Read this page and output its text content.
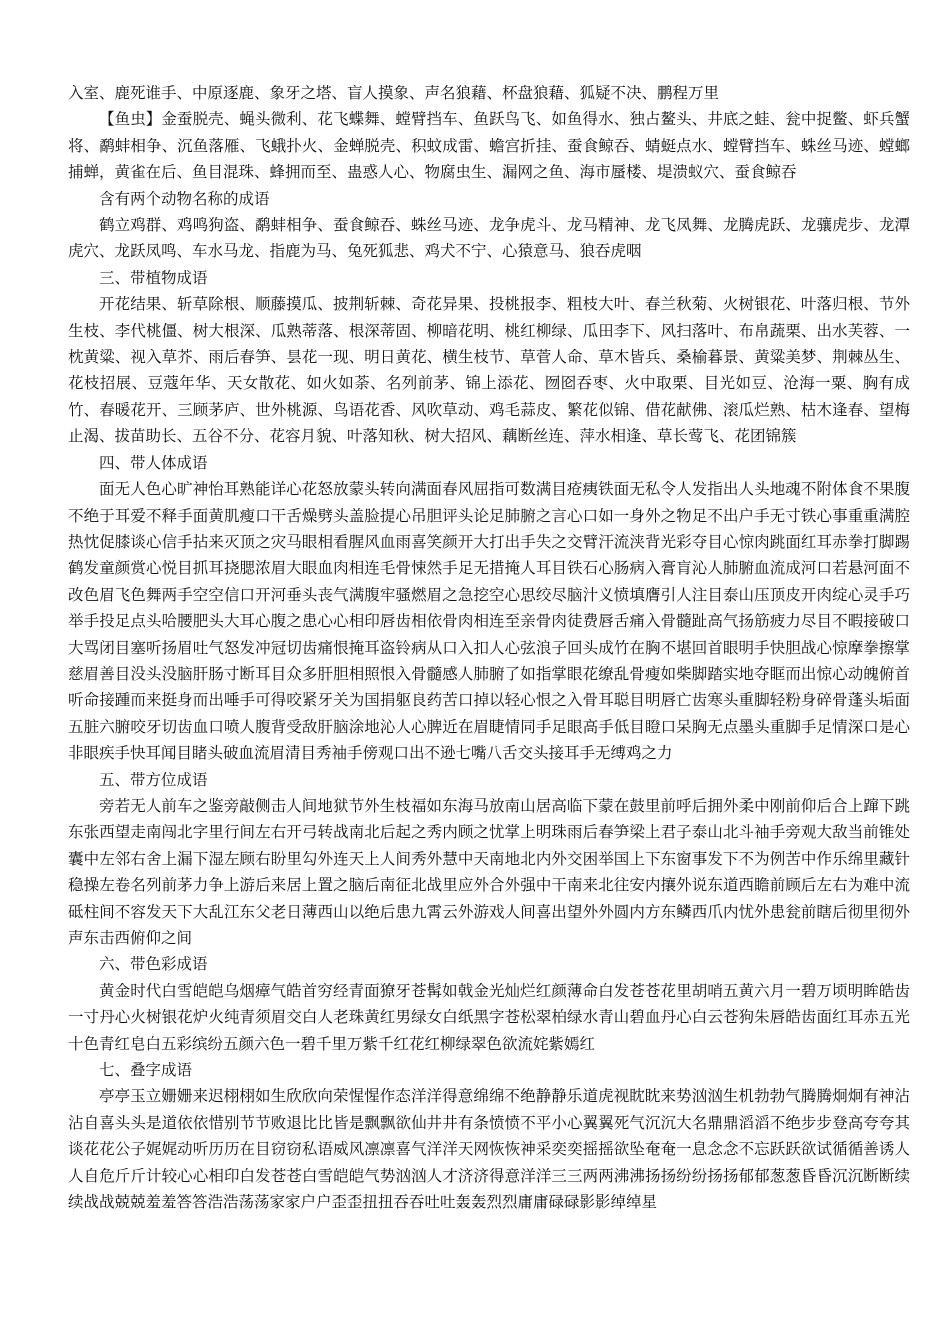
入室、鹿死谁手、中原逐鹿、象牙之塔、盲人摸象、声名狼藉、杯盘狼藉、狐疑不决、鹏程万里

【鱼虫】金蚕脱壳、蝇头微利、花飞蝶舞、螳臂挡车、鱼跃鸟飞、如鱼得水、独占鳌头、井底之蛙、瓮中捉鳖、虾兵蟹将、鹬蚌相争、沉鱼落雁、飞蛾扑火、金蝉脱壳、积蚊成雷、蟾宫折挂、蚕食鲸吞、蜻蜓点水、螳臂挡车、蛛丝马迹、螳螂捕蝉，黄雀在后、鱼目混珠、蜂拥而至、蛊惑人心、物腐虫生、漏网之鱼、海市蜃楼、堤溃蚁穴、蚕食鲸吞

含有两个动物名称的成语

鹤立鸡群、鸡鸣狗盗、鹬蚌相争、蚕食鲸吞、蛛丝马迹、龙争虎斗、龙马精神、龙飞凤舞、龙腾虎跃、龙骧虎步、龙潭虎穴、龙跃凤鸣、车水马龙、指鹿为马、兔死狐悲、鸡犬不宁、心猿意马、狼吞虎咽

三、带植物成语

开花结果、斩草除根、顺藤摸瓜、披荆斩棘、奇花异果、投桃报李、粗枝大叶、春兰秋菊、火树银花、叶落归根、节外生枝、李代桃僵、树大根深、瓜熟蒂落、根深蒂固、柳暗花明、桃红柳绿、瓜田李下、风扫落叶、布帛蔬栗、出水芙蓉、一枕黄粱、视入草芥、雨后春笋、昙花一现、明日黄花、横生枝节、草菅人命、草木皆兵、桑榆暮景、黄粱美梦、荆棘丛生、花枝招展、豆蔻年华、天女散花、如火如荼、名列前茅、锦上添花、囫囵吞枣、火中取栗、目光如豆、沧海一粟、胸有成竹、春暖花开、三顾茅庐、世外桃源、鸟语花香、风吹草动、鸡毛蒜皮、繁花似锦、借花献佛、滚瓜烂熟、枯木逢春、望梅止渴、拔苗助长、五谷不分、花容月貌、叶落知秋、树大招风、藕断丝连、萍水相逢、草长莺飞、花团锦簇

四、带人体成语

面无人色心旷神怡耳熟能详心花怒放蒙头转向满面春风屈指可数满目疮痍铁面无私令人发指出人头地魂不附体食不果腹不绝于耳爱不释手面黄肌瘦口干舌燥劈头盖脸提心吊胆评头论足肺腑之言心口如一身外之物足不出户手无寸铁心事重重满腔热忱促膝谈心信手拈来灭顶之灾马眼相看腥风血雨喜笑颜开大打出手失之交臂汗流浃背光彩夺目心惊肉跳面红耳赤拳打脚踢鹤发童颜赏心悦目抓耳挠腮浓眉大眼血肉相连毛骨悚然手足无措掩人耳目铁石心肠病入膏肓沁人肺腑血流成河口若悬河面不改色眉飞色舞两手空空信口开河垂头丧气满腹牢骚燃眉之急挖空心思绞尽脑汁义愤填膺引人注目泰山压顶皮开肉绽心灵手巧举手投足点头哈腰肥头大耳心腹之患心心相印唇齿相依骨肉相连至亲骨肉徒费唇舌痛入骨髓趾高气扬筋疲力尽目不暇接破口大骂闭目塞听扬眉吐气怒发冲冠切齿痛恨掩耳盗铃病从口入扣人心弦浪子回头成竹在胸不堪回首眼明手快胆战心惊摩拳擦掌慈眉善目没头没脑肝肠寸断耳目众多肝胆相照恨入骨髓感人肺腑了如指掌眼花缭乱骨瘦如柴脚踏实地夺眶而出惊心动魄俯首听命接踵而来挺身而出唾手可得咬紧牙关为国捐躯良药苦口掉以轻心恨之入骨耳聪目明唇亡齿寒头重脚轻粉身碎骨蓬头垢面五脏六腑咬牙切齿血口喷人腹背受敌肝脑涂地沁人心脾近在眉睫情同手足眼高手低目瞪口呆胸无点墨头重脚手足情深口是心非眼疾手快耳闻目睹头破血流眉清目秀袖手傍观口出不逊七嘴八舌交头接耳手无缚鸡之力

五、带方位成语

旁若无人前车之鉴旁敲侧击人间地狱节外生枝福如东海马放南山居高临下蒙在鼓里前呼后拥外柔中刚前仰后合上蹿下跳东张西望走南闯北字里行间左右开弓转战南北后起之秀内顾之忧掌上明珠雨后春笋梁上君子泰山北斗袖手旁观大敌当前锥处囊中左邻右舍上漏下湿左顾右盼里勾外连天上人间秀外慧中天南地北内外交困举国上下东窗事发下不为例苦中作乐绵里藏针稳操左卷名列前茅力争上游后来居上置之脑后南征北战里应外合外强中干南来北往安内攘外说东道西瞻前顾后左右为难中流砥柱间不容发天下大乱江东父老日薄西山以绝后患九霄云外游戏人间喜出望外外圆内方东鳞西爪内忧外患瓮前瞎后彻里彻外声东击西俯仰之间

六、带色彩成语

黄金时代白雪皑皑乌烟瘴气皓首穷经青面獠牙苍髯如戟金光灿烂红颜薄命白发苍苍花里胡哨五黄六月一碧万顷明眸皓齿一寸丹心火树银花炉火纯青须眉交白人老珠黄红男绿女白纸黑字苍松翠柏绿水青山碧血丹心白云苍狗朱唇皓齿面红耳赤五光十色青红皂白五彩缤纷五颜六色一碧千里万紫千红花红柳绿翠色欲流姹紫嫣红

七、叠字成语

亭亭玉立姗姗来迟栩栩如生欣欣向荣惺惺作态洋洋得意绵绵不绝静静乐道虎视眈眈来势汹汹生机勃勃气腾腾炯炯有神沾沾自喜头头是道依依惜别节节败退比比皆是飘飘欲仙井井有条愤愤不平小心翼翼死气沉沉大名鼎鼎滔滔不绝步步登高夸夸其谈花花公子娓娓动听历历在目窃窃私语威风凛凛喜气洋洋天网恢恢神采奕奕摇摇欲坠奄奄一息念念不忘跃跃欲试循循善诱人人自危斤斤计较心心相印白发苍苍白雪皑皑气势汹汹人才济济得意洋洋三三两两沸沸扬扬纷纷扬扬郁郁葱葱昏昏沉沉断断续续战战兢兢羞羞答答浩浩荡荡家家户户歪歪扭扭吞吞吐吐轰轰烈烈庸庸碌碌影影绰绰星
